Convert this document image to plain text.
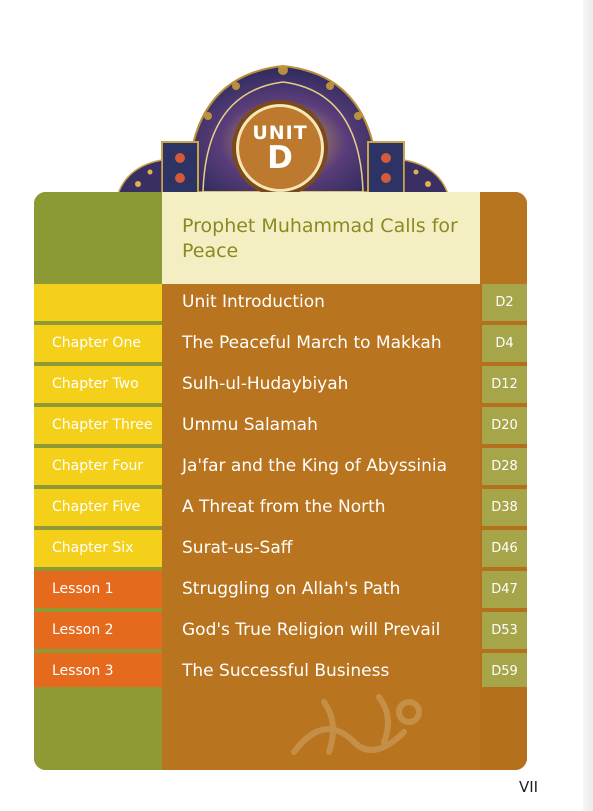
UNIT
D
Prophet Muhammad Calls for Peace
Unit Introduction	D2
Chapter One	The Peaceful March to Makkah	D4
Chapter Two	Sulh-ul-Hudaybiyah	D12
Chapter Three	Ummu Salamah	D20
Chapter Four	Ja'far and the King of Abyssinia	D28
Chapter Five	A Threat from the North	D38
Chapter Six	Surat-us-Saff	D46
Lesson 1	Struggling on Allah's Path	D47
Lesson 2	God's True Religion will Prevail	D53
Lesson 3	The Successful Business	D59
VII
